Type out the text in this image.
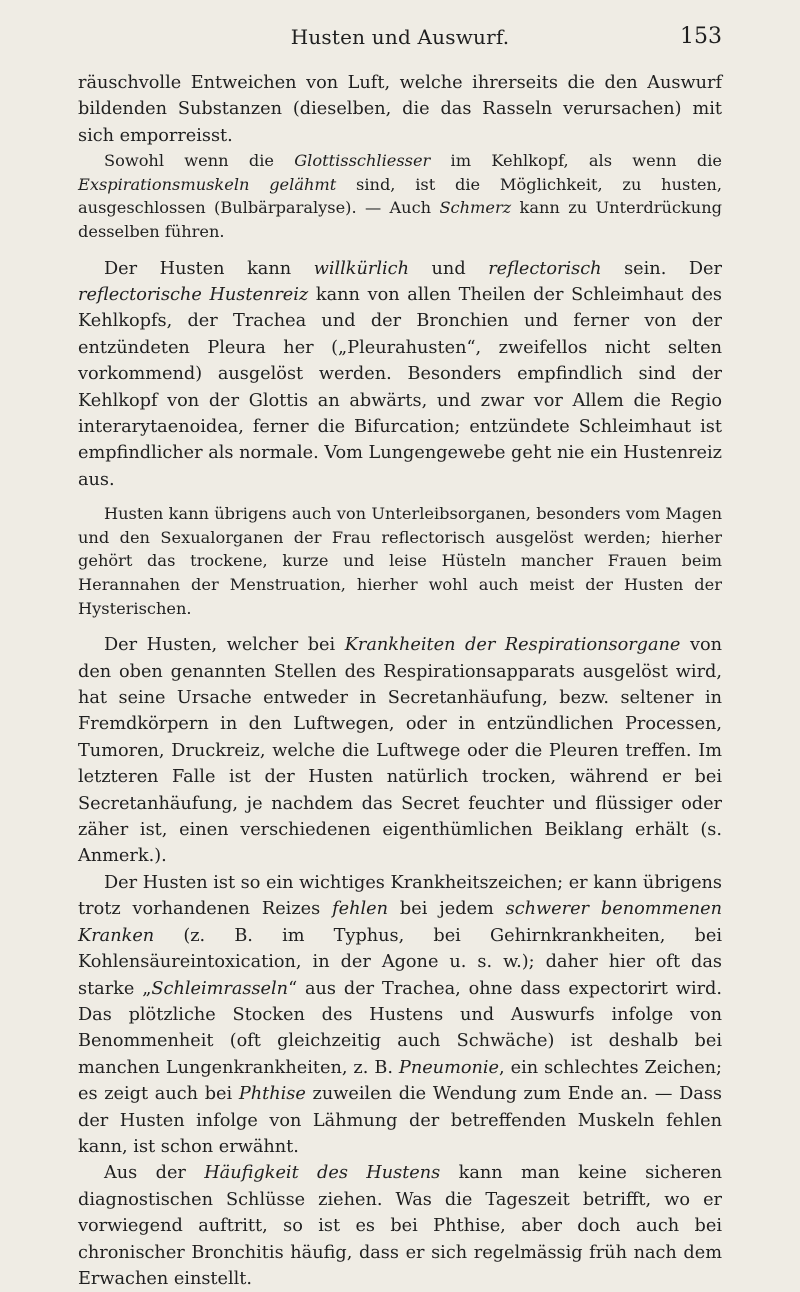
Husten und Auswurf.	153

räuschvolle Entweichen von Luft, welche ihrerseits die den Auswurf bildenden Substanzen (dieselben, die das Rasseln verursachen) mit sich emporreisst.

Sowohl wenn die Glottisschliesser im Kehlkopf, als wenn die Exspirationsmuskeln gelähmt sind, ist die Möglichkeit, zu husten, ausgeschlossen (Bulbärparalyse). — Auch Schmerz kann zu Unterdrückung desselben führen.

Der Husten kann willkürlich und reflectorisch sein. Der reflectorische Hustenreiz kann von allen Theilen der Schleimhaut des Kehlkopfs, der Trachea und der Bronchien und ferner von der entzündeten Pleura her („Pleurahusten“, zweifellos nicht selten vorkommend) ausgelöst werden. Besonders empfindlich sind der Kehlkopf von der Glottis an abwärts, und zwar vor Allem die Regio interarytaenoidea, ferner die Bifurcation; entzündete Schleimhaut ist empfindlicher als normale. Vom Lungengewebe geht nie ein Hustenreiz aus.

Husten kann übrigens auch von Unterleibsorganen, besonders vom Magen und den Sexualorganen der Frau reflectorisch ausgelöst werden; hierher gehört das trockene, kurze und leise Hüsteln mancher Frauen beim Herannahen der Menstruation, hierher wohl auch meist der Husten der Hysterischen.

Der Husten, welcher bei Krankheiten der Respirationsorgane von den oben genannten Stellen des Respirationsapparats ausgelöst wird, hat seine Ursache entweder in Secretanhäufung, bezw. seltener in Fremdkörpern in den Luftwegen, oder in entzündlichen Processen, Tumoren, Druckreiz, welche die Luftwege oder die Pleuren treffen. Im letzteren Falle ist der Husten natürlich trocken, während er bei Secretanhäufung, je nachdem das Secret feuchter und flüssiger oder zäher ist, einen verschiedenen eigenthümlichen Beiklang erhält (s. Anmerk.).

Der Husten ist so ein wichtiges Krankheitszeichen; er kann übrigens trotz vorhandenen Reizes fehlen bei jedem schwerer benommenen Kranken (z. B. im Typhus, bei Gehirnkrankheiten, bei Kohlensäureintoxication, in der Agone u. s. w.); daher hier oft das starke „Schleimrasseln“ aus der Trachea, ohne dass expectorirt wird. Das plötzliche Stocken des Hustens und Auswurfs infolge von Benommenheit (oft gleichzeitig auch Schwäche) ist deshalb bei manchen Lungenkrankheiten, z. B. Pneumonie, ein schlechtes Zeichen; es zeigt auch bei Phthise zuweilen die Wendung zum Ende an. — Dass der Husten infolge von Lähmung der betreffenden Muskeln fehlen kann, ist schon erwähnt.

Aus der Häufigkeit des Hustens kann man keine sicheren diagnostischen Schlüsse ziehen. Was die Tageszeit betrifft, wo er vorwiegend auftritt, so ist es bei Phthise, aber doch auch bei chronischer Bronchitis häufig, dass er sich regelmässig früh nach dem Erwachen einstellt.
